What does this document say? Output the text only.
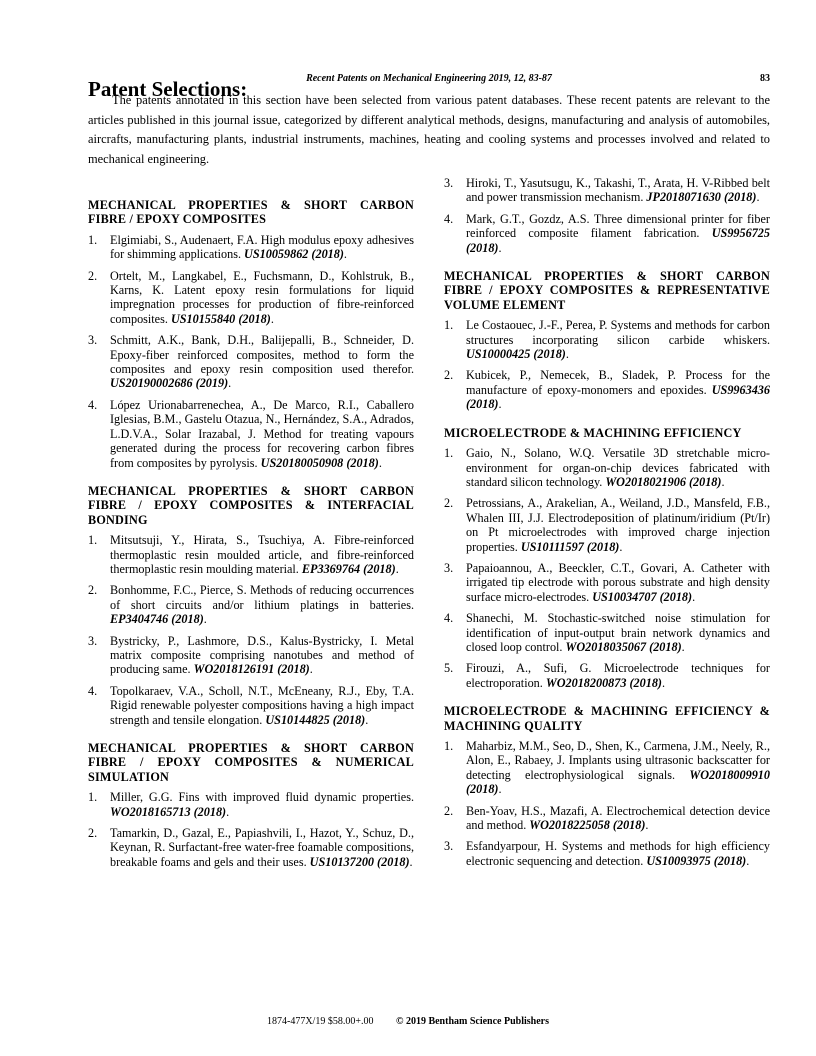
Recent Patents on Mechanical Engineering 2019, 12, 83-87	83
Patent Selections:

The patents annotated in this section have been selected from various patent databases. These recent patents are relevant to the articles published in this journal issue, categorized by different analytical methods, designs, manufacturing and analysis of automobiles, aircrafts, manufacturing plants, industrial instruments, machines, heating and cooling systems and processes involved and related to mechanical engineering.

MECHANICAL PROPERTIES & SHORT CARBON FIBRE / EPOXY COMPOSITES
1. Elgimiabi, S., Audenaert, F.A. High modulus epoxy adhesives for shimming applications. US10059862 (2018).
2. Ortelt, M., Langkabel, E., Fuchsmann, D., Kohlstruk, B., Karns, K. Latent epoxy resin formulations for liquid impregnation processes for production of fibre-reinforced composites. US10155840 (2018).
3. Schmitt, A.K., Bank, D.H., Balijepalli, B., Schneider, D. Epoxy-fiber reinforced composites, method to form the composites and epoxy resin composition used therefor. US20190002686 (2019).
4. López Urionabarrenechea, A., De Marco, R.I., Caballero Iglesias, B.M., Gastelu Otazua, N., Hernández, S.A., Adrados, L.D.V.A., Solar Irazabal, J. Method for treating vapours generated during the process for recovering carbon fibres from composites by pyrolysis. US20180050908 (2018).
MECHANICAL PROPERTIES & SHORT CARBON FIBRE / EPOXY COMPOSITES & INTERFACIAL BONDING
1. Mitsutsuji, Y., Hirata, S., Tsuchiya, A. Fibre-reinforced thermoplastic resin moulded article, and fibre-reinforced thermoplastic resin moulding material. EP3369764 (2018).
2. Bonhomme, F.C., Pierce, S. Methods of reducing occurrences of short circuits and/or lithium platings in batteries. EP3404746 (2018).
3. Bystricky, P., Lashmore, D.S., Kalus-Bystricky, I. Metal matrix composite comprising nanotubes and method of producing same. WO2018126191 (2018).
4. Topolkaraev, V.A., Scholl, N.T., McEneany, R.J., Eby, T.A. Rigid renewable polyester compositions having a high impact strength and tensile elongation. US10144825 (2018).
MECHANICAL PROPERTIES & SHORT CARBON FIBRE / EPOXY COMPOSITES & NUMERICAL SIMULATION
1. Miller, G.G. Fins with improved fluid dynamic properties. WO2018165713 (2018).
2. Tamarkin, D., Gazal, E., Papiashvili, I., Hazot, Y., Schuz, D., Keynan, R. Surfactant-free water-free foamable compositions, breakable foams and gels and their uses. US10137200 (2018).
3. Hiroki, T., Yasutsugu, K., Takashi, T., Arata, H. V-Ribbed belt and power transmission mechanism. JP2018071630 (2018).
4. Mark, G.T., Gozdz, A.S. Three dimensional printer for fiber reinforced composite filament fabrication. US9956725 (2018).
MECHANICAL PROPERTIES & SHORT CARBON FIBRE / EPOXY COMPOSITES & REPRESENTATIVE VOLUME ELEMENT
1. Le Costaouec, J.-F., Perea, P. Systems and methods for carbon structures incorporating silicon carbide whiskers. US10000425 (2018).
2. Kubicek, P., Nemecek, B., Sladek, P. Process for the manufacture of epoxy-monomers and epoxides. US9963436 (2018).
MICROELECTRODE & MACHINING EFFICIENCY
1. Gaio, N., Solano, W.Q. Versatile 3D stretchable micro-environment for organ-on-chip devices fabricated with standard silicon technology. WO2018021906 (2018).
2. Petrossians, A., Arakelian, A., Weiland, J.D., Mansfeld, F.B., Whalen III, J.J. Electrodeposition of platinum/iridium (Pt/Ir) on Pt microelectrodes with improved charge injection properties. US10111597 (2018).
3. Papaioannou, A., Beeckler, C.T., Govari, A. Catheter with irrigated tip electrode with porous substrate and high density surface micro-electrodes. US10034707 (2018).
4. Shanechi, M. Stochastic-switched noise stimulation for identification of input-output brain network dynamics and closed loop control. WO2018035067 (2018).
5. Firouzi, A., Sufi, G. Microelectrode techniques for electroporation. WO2018200873 (2018).
MICROELECTRODE & MACHINING EFFICIENCY & MACHINING QUALITY
1. Maharbiz, M.M., Seo, D., Shen, K., Carmena, J.M., Neely, R., Alon, E., Rabaey, J. Implants using ultrasonic backscatter for detecting electrophysiological signals. WO2018009910 (2018).
2. Ben-Yoav, H.S., Mazafi, A. Electrochemical detection device and method. WO2018225058 (2018).
3. Esfandyarpour, H. Systems and methods for high efficiency electronic sequencing and detection. US10093975 (2018).
1874-477X/19 $58.00+.00 © 2019 Bentham Science Publishers
